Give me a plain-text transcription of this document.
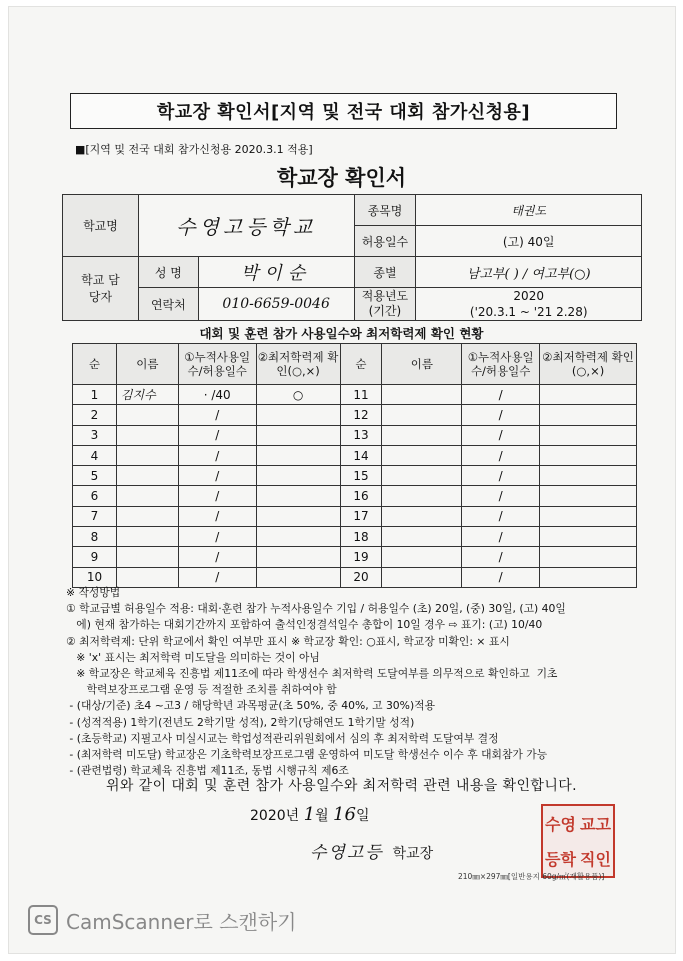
학교장 확인서[지역 및 전국 대회 참가신청용]
■[지역 및 전국 대회 참가신청용 2020.3.1 적용]
학교장 확인서
학교명	수영고등학교		종목명	태권도
			허용일수	(고) 40일
학교 담당자	성 명	박이순	종별	남고부( ) / 여고부(○)
	연락처	010-6659-0046	적용년도 (기간)	2020
('20.3.1 ~ '21 2.28)
대회 및 훈련 참가 사용일수와 최저학력제 확인 현황
순	이름	①누적사용일수/허용일수	②최저학력제 확인(○,×)	순	이름	①누적사용일수/허용일수	②최저학력제 확인(○,×)
1	김지수	· /40	○	11		/	
2		/		12		/	
3		/		13		/	
4		/		14		/	
5		/		15		/	
6		/		16		/	
7		/		17		/	
8		/		18		/	
9		/		19		/	
10		/		20		/	
※ 작성방법
① 학교급별 허용일수 적용: 대회·훈련 참가 누적사용일수 기입 / 허용일수 (초) 20일, (중) 30일, (고) 40일
에) 현재 참가하는 대회기간까지 포함하여 출석인정결석일수 총합이 10일 경우 ⇨ 표기: (고) 10/40
② 최저학력제: 단위 학교에서 확인 여부만 표시 ※ 학교장 확인: ○표시, 학교장 미확인: × 표시
※ 'x' 표시는 최저학력 미도달을 의미하는 것이 아님
※ 학교장은 학교체육 진흥법 제11조에 따라 학생선수 최저학력 도달여부를 의무적으로 확인하고  기초
학력보장프로그램 운영 등 적절한 조치를 취하여야 함
- (대상/기준) 초4 ~고3 / 해당학년 과목평균(초 50%, 중 40%, 고 30%)적용
- (성적적용) 1학기(전년도 2학기말 성적), 2학기(당해연도 1학기말 성적)
- (초등학교) 지필고사 미실시교는 학업성적관리위원회에서 심의 후 최저학력 도달여부 결정
- (최저학력 미도달) 학교장은 기초학력보장프로그램 운영하여 미도달 학생선수 이수 후 대회참가 가능
- (관련법령) 학교체육 진흥법 제11조, 동법 시행규칙 제6조
위와 같이 대회 및 훈련 참가 사용일수와 최저학력 관련 내용을 확인합니다.
2020년 1월 16일
수영고등 학교장
수영 교고
등학 직인
210㎜×297㎜[일반용지 60g/㎡(재활용품)]
CS CamScanner로 스캔하기
